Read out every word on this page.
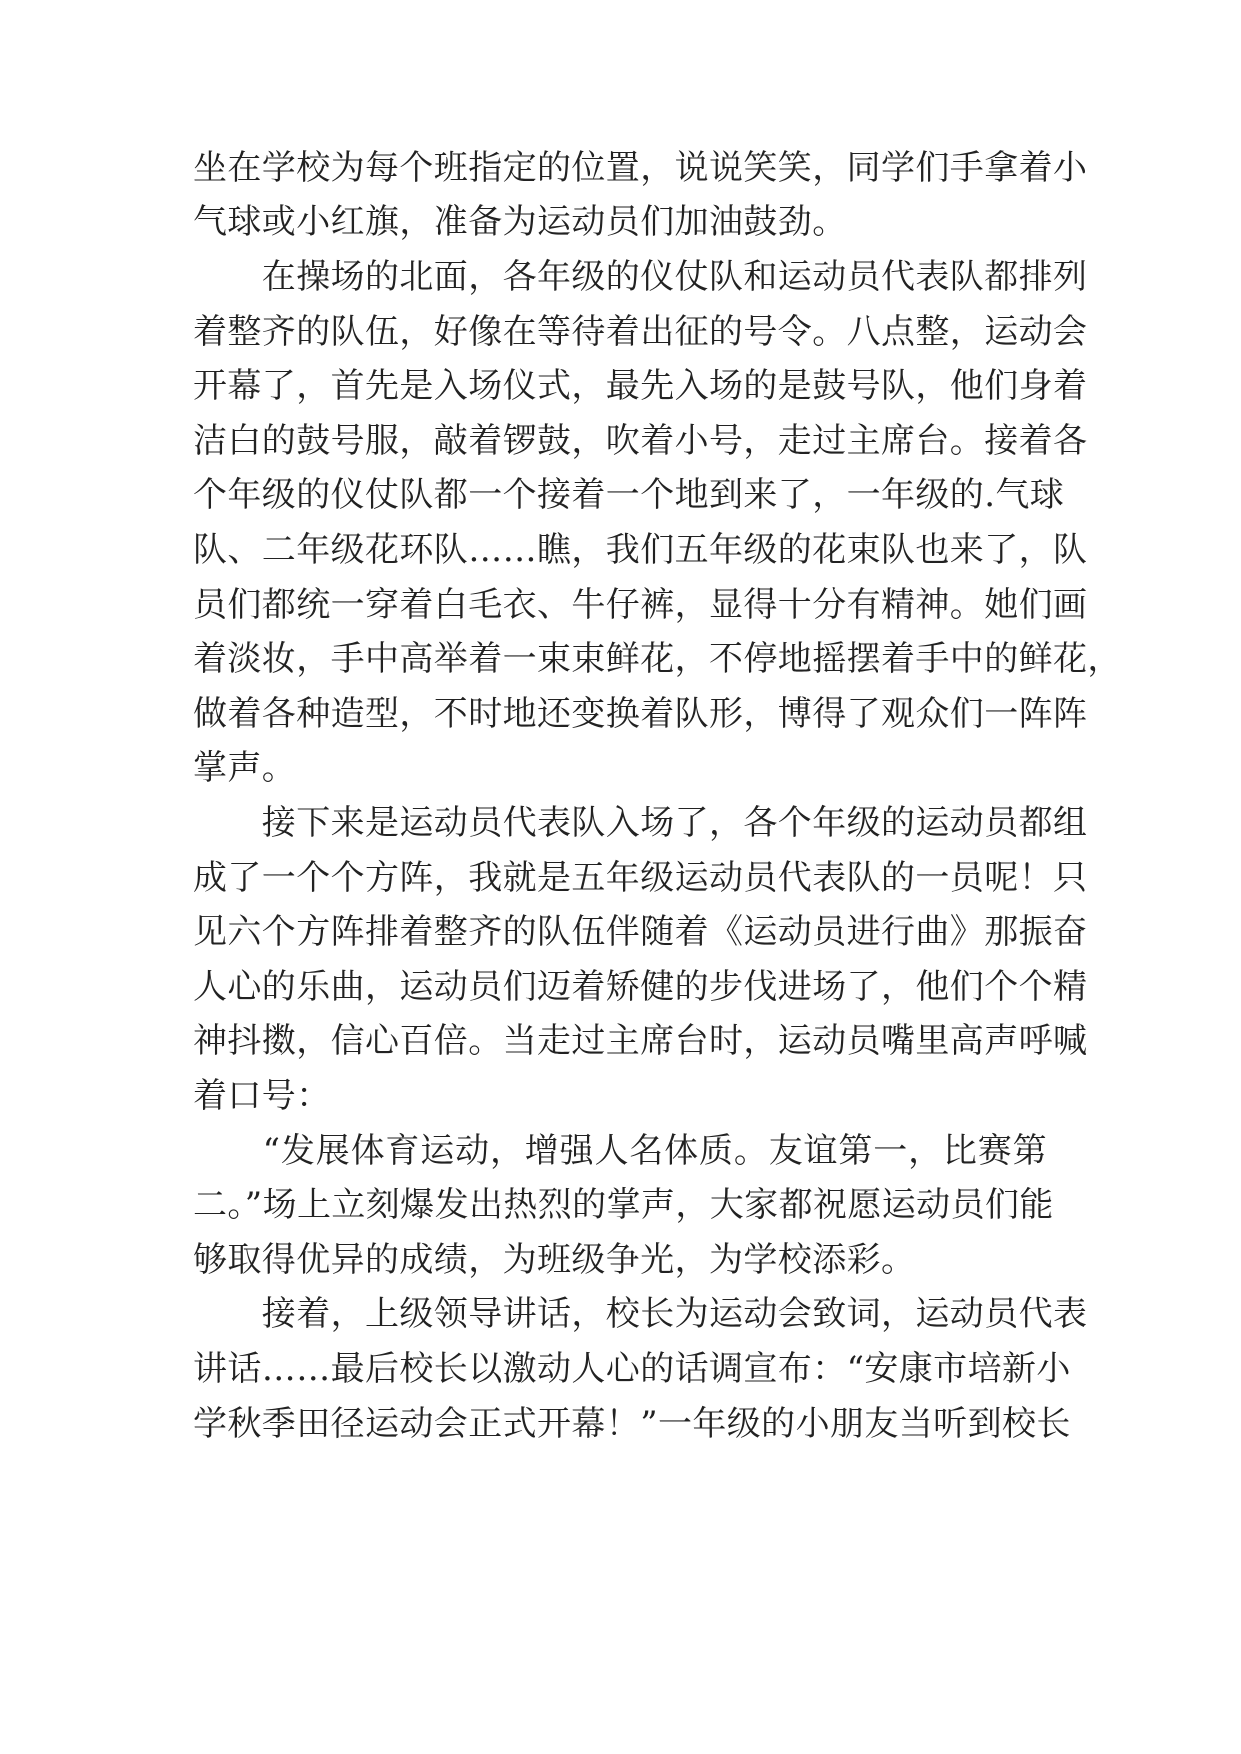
坐在学校为每个班指定的位置，说说笑笑，同学们手拿着小
气球或小红旗，准备为运动员们加油鼓劲。
　　在操场的北面，各年级的仪仗队和运动员代表队都排列
着整齐的队伍，好像在等待着出征的号令。八点整，运动会
开幕了，首先是入场仪式，最先入场的是鼓号队，他们身着
洁白的鼓号服，敲着锣鼓，吹着小号，走过主席台。接着各
个年级的仪仗队都一个接着一个地到来了，一年级的.气球
队、二年级花环队……瞧，我们五年级的花束队也来了，队
员们都统一穿着白毛衣、牛仔裤，显得十分有精神。她们画
着淡妆，手中高举着一束束鲜花，不停地摇摆着手中的鲜花，
做着各种造型，不时地还变换着队形，博得了观众们一阵阵
掌声。
　　接下来是运动员代表队入场了，各个年级的运动员都组
成了一个个方阵，我就是五年级运动员代表队的一员呢！只
见六个方阵排着整齐的队伍伴随着《运动员进行曲》那振奋
人心的乐曲，运动员们迈着矫健的步伐进场了，他们个个精
神抖擞，信心百倍。当走过主席台时，运动员嘴里高声呼喊
着口号：
　　“发展体育运动，增强人名体质。友谊第一，比赛第
二。”场上立刻爆发出热烈的掌声，大家都祝愿运动员们能
够取得优异的成绩，为班级争光，为学校添彩。
　　接着，上级领导讲话，校长为运动会致词，运动员代表
讲话……最后校长以激动人心的话调宣布：“安康市培新小
学秋季田径运动会正式开幕！”一年级的小朋友当听到校长
